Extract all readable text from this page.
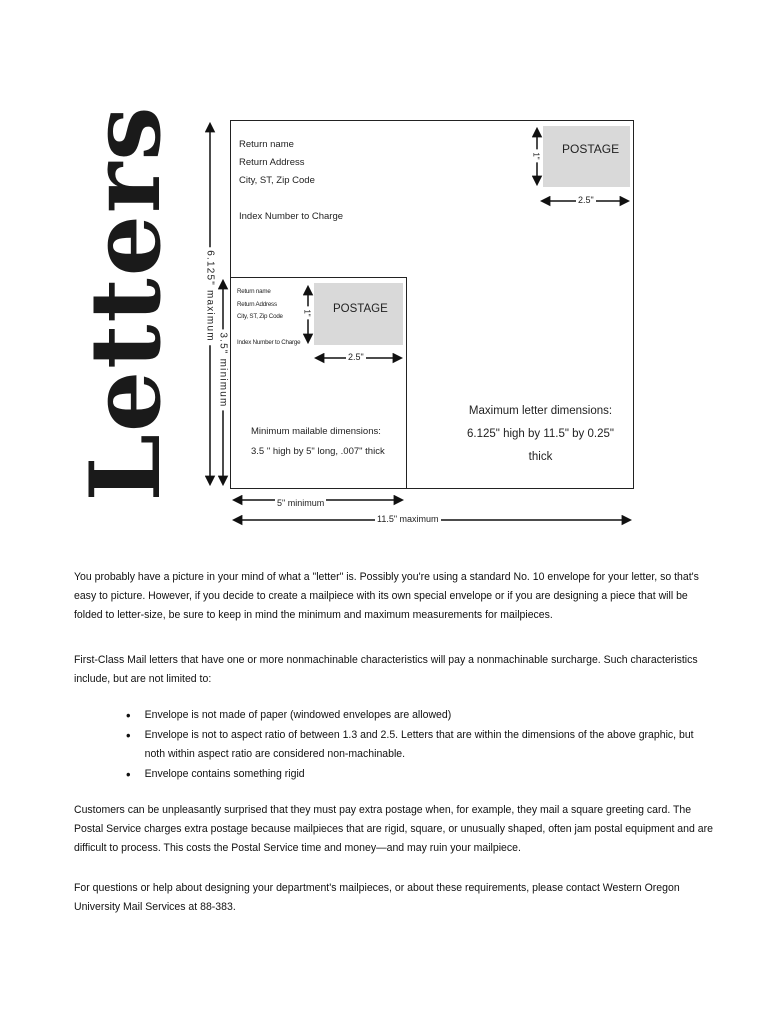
Letters	Return name
Return Address
City, ST, Zip Code
Index Number to Charge
POSTAGE
Return name
Return Address
City, ST, Zip Code
Index Number to Charge
POSTAGE
1"
2.5"
1"
2.5"
6.125" maximum
3.5" minimum
5" minimum
11.5" maximum
Minimum mailable dimensions:
3.5 " high by 5" long, .007" thick
Maximum letter dimensions:
6.125" high by 11.5" by 0.25" thick

You probably have a picture in your mind of what a "letter" is. Possibly you're using a standard No. 10 envelope for your letter, so that's easy to picture. However, if you decide to create a mailpiece with its own special envelope or if you are designing a piece that will be folded to letter-size, be sure to keep in mind the minimum and maximum measurements for mailpieces.

First-Class Mail letters that have one or more nonmachinable characteristics will pay a nonmachinable surcharge. Such characteristics include, but are not limited to:

• Envelope is not made of paper (windowed envelopes are allowed)
• Envelope is not to aspect ratio of between 1.3 and 2.5. Letters that are within the dimensions of the above graphic, but noth within aspect ratio are considered non-machinable.
• Envelope contains something rigid

Customers can be unpleasantly surprised that they must pay extra postage when, for example, they mail a square greeting card. The Postal Service charges extra postage because mailpieces that are rigid, square, or unusually shaped, often jam postal equipment and are difficult to process. This costs the Postal Service time and money—and may ruin your mailpiece.

For questions or help about designing your department's mailpieces, or about these requirements, please contact Western Oregon University Mail Services at 88-383.
